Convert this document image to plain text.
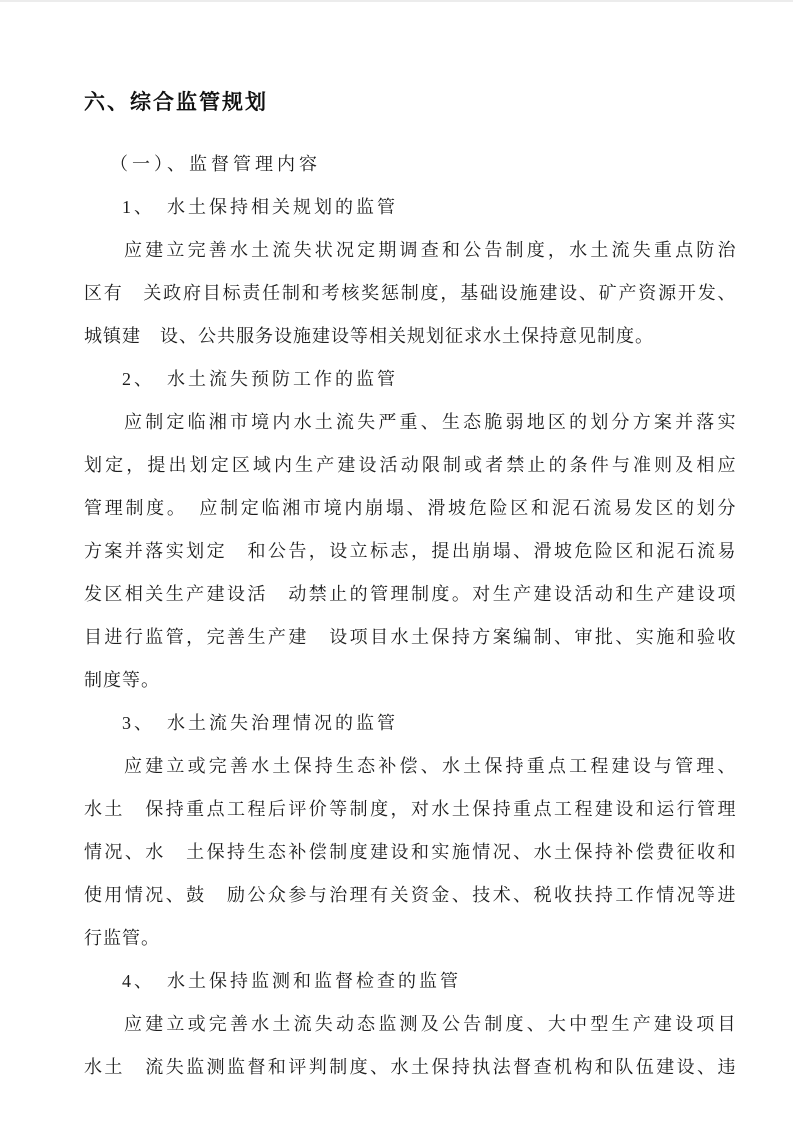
六、综合监管规划
（一）、监督管理内容
1、　水土保持相关规划的监管
应建立完善水土流失状况定期调查和公告制度，水土流失重点防治
区有　关政府目标责任制和考核奖惩制度，基础设施建设、矿产资源开发、
城镇建　设、公共服务设施建设等相关规划征求水土保持意见制度。
2、　水土流失预防工作的监管
应制定临湘市境内水土流失严重、生态脆弱地区的划分方案并落实
划定，提出划定区域内生产建设活动限制或者禁止的条件与准则及相应
管理制度。　应制定临湘市境内崩塌、滑坡危险区和泥石流易发区的划分
方案并落实划定　和公告，设立标志，提出崩塌、滑坡危险区和泥石流易
发区相关生产建设活　动禁止的管理制度。对生产建设活动和生产建设项
目进行监管，完善生产建　设项目水土保持方案编制、审批、实施和验收
制度等。
3、　水土流失治理情况的监管
应建立或完善水土保持生态补偿、水土保持重点工程建设与管理、
水土　保持重点工程后评价等制度，对水土保持重点工程建设和运行管理
情况、水　土保持生态补偿制度建设和实施情况、水土保持补偿费征收和
使用情况、鼓　励公众参与治理有关资金、技术、税收扶持工作情况等进
行监管。
4、　水土保持监测和监督检查的监管
应建立或完善水土流失动态监测及公告制度、大中型生产建设项目
水土　流失监测监督和评判制度、水土保持执法督查机构和队伍建设、违
